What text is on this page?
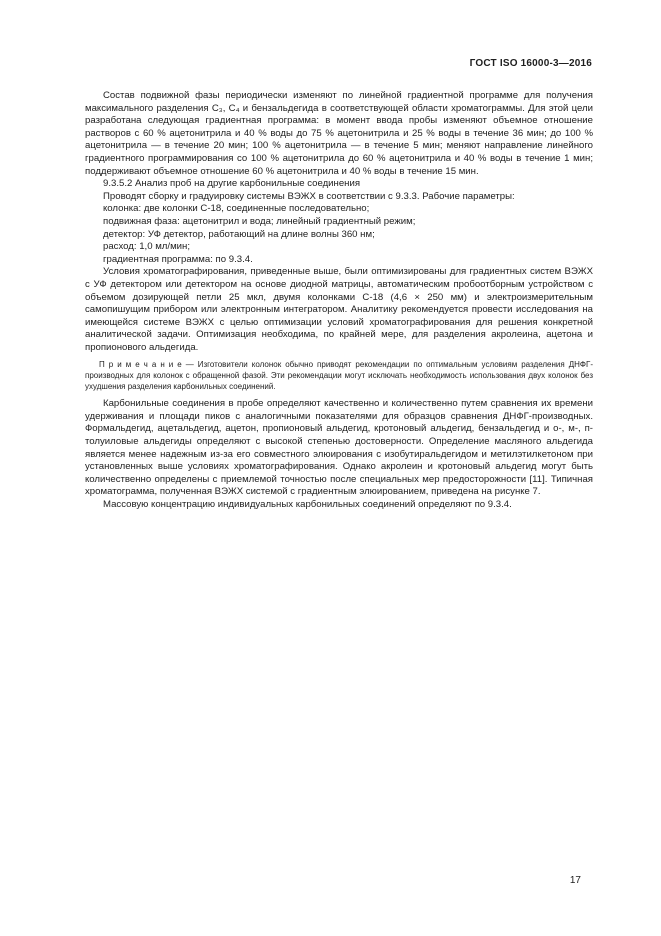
ГОСТ ISO 16000-3—2016

Состав подвижной фазы периодически изменяют по линейной градиентной программе для получения максимального разделения С₃, С₄ и бензальдегида в соответствующей области хроматограммы. Для этой цели разработана следующая градиентная программа: в момент ввода пробы изменяют объемное отношение растворов с 60 % ацетонитрила и 40 % воды до 75 % ацетонитрила и 25 % воды в течение 36 мин; до 100 % ацетонитрила — в течение 20 мин; 100 % ацетонитрила — в течение 5 мин; меняют направление линейного градиентного программирования со 100 % ацетонитрила до 60 % ацетонитрила и 40 % воды в течение 1 мин; поддерживают объемное отношение 60 % ацетонитрила и 40 % воды в течение 15 мин.

9.3.5.2 Анализ проб на другие карбонильные соединения

Проводят сборку и градуировку системы ВЭЖХ в соответствии с 9.3.3. Рабочие параметры:

колонка: две колонки С-18, соединенные последовательно;

подвижная фаза: ацетонитрил и вода; линейный градиентный режим;

детектор: УФ детектор, работающий на длине волны 360 нм;

расход: 1,0 мл/мин;

градиентная программа: по 9.3.4.

Условия хроматографирования, приведенные выше, были оптимизированы для градиентных систем ВЭЖХ с УФ детектором или детектором на основе диодной матрицы, автоматическим пробоотборным устройством с объемом дозирующей петли 25 мкл, двумя колонками С-18 (4,6 × 250 мм) и электроизмерительным самопишущим прибором или электронным интегратором. Аналитику рекомендуется провести исследования на имеющейся системе ВЭЖХ с целью оптимизации условий хроматографирования для решения конкретной аналитической задачи. Оптимизация необходима, по крайней мере, для разделения акролеина, ацетона и пропионового альдегида.

П р и м е ч а н и е — Изготовители колонок обычно приводят рекомендации по оптимальным условиям разделения ДНФГ-производных для колонок с обращенной фазой. Эти рекомендации могут исключать необходимость использования двух колонок без ухудшения разделения карбонильных соединений.

Карбонильные соединения в пробе определяют качественно и количественно путем сравнения их времени удерживания и площади пиков с аналогичными показателями для образцов сравнения ДНФГ-производных. Формальдегид, ацетальдегид, ацетон, пропионовый альдегид, кротоновый альдегид, бензальдегид и о-, м-, п-толуиловые альдегиды определяют с высокой степенью достоверности. Определение масляного альдегида является менее надежным из-за его совместного элюирования с изобутиральдегидом и метилэтилкетоном при установленных выше условиях хроматографирования. Однако акролеин и кротоновый альдегид могут быть количественно определены с приемлемой точностью после специальных мер предосторожности [11]. Типичная хроматограмма, полученная ВЭЖХ системой с градиентным элюированием, приведена на рисунке 7.

Массовую концентрацию индивидуальных карбонильных соединений определяют по 9.3.4.

17
